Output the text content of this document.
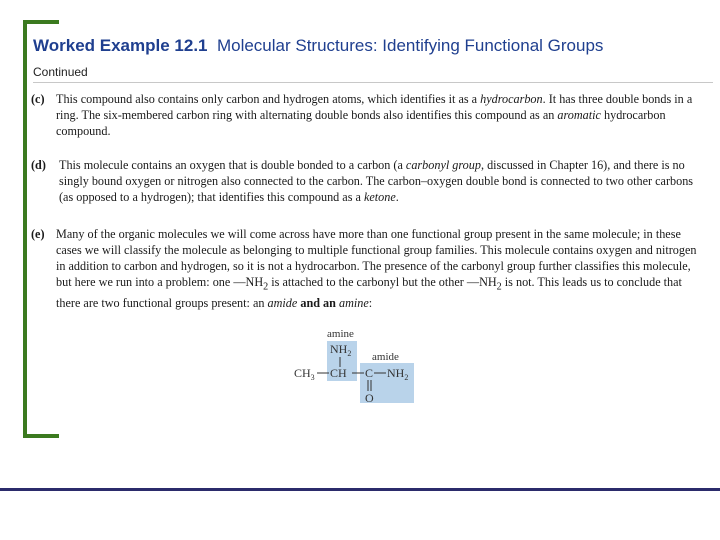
Worked Example 12.1 Molecular Structures: Identifying Functional Groups
Continued
(c) This compound also contains only carbon and hydrogen atoms, which identifies it as a hydrocarbon. It has three double bonds in a ring. The six-membered carbon ring with alternating double bonds also identifies this compound as an aromatic hydrocarbon compound.
(d)	This molecule contains an oxygen that is double bonded to a carbon (a carbonyl group, discussed in Chapter 16), and there is no singly bound oxygen or nitrogen also connected to the carbon. The carbon–oxygen double bond is connected to two other carbons (as opposed to a hydrogen); that identifies this compound as a ketone.
(e) Many of the organic molecules we will come across have more than one functional group present in the same molecule; in these cases we will classify the molecule as belonging to multiple functional group families. This molecule contains oxygen and nitrogen in addition to carbon and hydrogen, so it is not a hydrocarbon. The presence of the carbonyl group further classifies this molecule, but here we run into a problem: one $—NH_2$ is attached to the carbonyl but the other $—NH_2$ is not. This leads us to conclude that there are two functional groups present: an amide and an amine:
amine
amide
$NH_2$
$CH_3$ CH C $NH_2$
O
